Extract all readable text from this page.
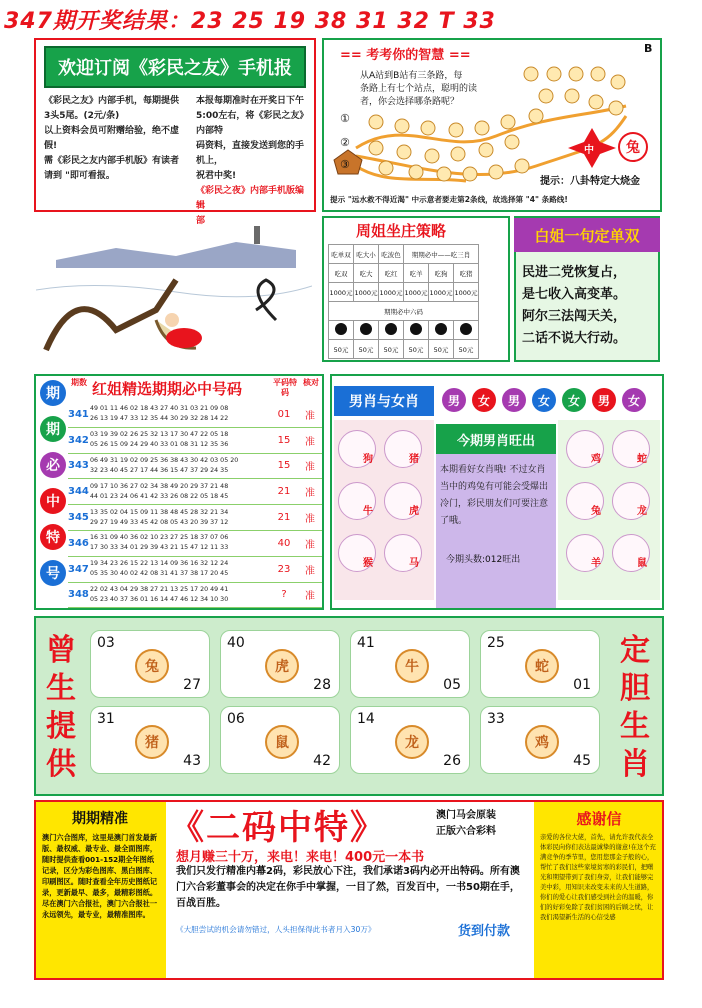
347期开奖结果：23 25 19 38 31 32 T 33
欢迎订阅《彩民之友》手机报
《彩民之友》内部手机，每期提供
3头5尾。(2元/条)
以上资料会员可附赠给验，绝不虚
假!
需《彩民之友内部手机版》有读者
请到 "即可看报。
本报每期准时在开奖日下午
5:00左右，将《彩民之友》内部特
码资料，直接发送到您的手机上，
祝君中奖!
《彩民之夜》内部手机版编辑
部
== 考考你的智慧 ==	B
从A站到B站有三条路，每
条路上有七个站点，聪明的读
者，你会选择哪条路呢？
①
②
③
中	兔
提示：八卦特定大烧金
提示 "远水救不得近渴" 中示意者要走第2条线，故选择第 "4" 条路线!
周姐坐庄策略
吃单双	吃大小	吃波色	期期必中——吃三肖		
吃双	吃大	吃红	吃羊	吃狗	吃猪
1000元	1000元	1000元	1000元	1000元	1000元
期期必中六码					

50元	50元	50元	50元	50元	50元
白姐一句定单双
民进二党恢复占，
是七收入高变革。
阿尔三法闯天关，
二话不说大行动。
期
期
必
中
特
号
期数 红姐精选期期必中号码	平码特码
核对
341 49 01 11 46 02 18 43 27 40 31 03 21 09 08
26 13 19 47 33 12 35 44 30 29 32 28 14 22	01	准
342 03 19 39 02 26 25 32 13 17 30 47 22 05 18
05 26 15 09 24 29 40 33 01 08 31 12 35 36	15	准
343 06 49 31 19 02 09 25 36 38 43 30 42 03 05 20
32 23 40 45 27 17 44 36 15 47 37 29 24 35	15	准
344 09 17 10 36 27 02 34 38 49 20 29 37 21 48
44 01 23 24 06 41 42 33 26 08 22 05 18 45	21	准
345 13 35 02 04 15 09 11 38 48 45 28 32 21 34
29 27 19 49 33 45 42 08 05 43 20 39 37 12	21	准
346 16 31 09 40 36 02 10 23 27 25 18 37 07 06
17 30 33 34 01 29 39 43 21 15 47 12 11 33	40	准
347 19 34 23 26 15 22 13 14 09 36 16 32 12 24
05 35 30 40 02 42 08 31 41 37 38 17 20 45	23	准
348 22 02 43 04 29 38 27 21 13 25 17 20 49 41
05 23 40 37 36 01 16 14 47 46 12 34 10 30	?	准
男肖与女肖	男	女	男	女	女	男	女
今期男肖旺出
本期看好女肖哦! 不过女肖当中的鸡兔有可能会受爆出冷门，彩民朋友们可要注意了哦。
今期头数:012旺出
狗	猪
牛	虎
猴	马
鸡	蛇
兔	龙
羊	鼠
曾
生
提
供
定
胆
生
肖
03
27
兔
40
28
虎
41
05
牛
25
01
蛇
31
43
猪
06
42
鼠
14
26
龙
33
45
鸡
期期精准
澳门六合图库，这里是澳门首发最新版、最权威、最专业、最全面图库，随时提供查看001-152期全年图纸记录，区分为彩色图库、黑白图库、印刷图区。随时查看全年历史图纸记录，更新最早、最多，最精彩图纸。尽在澳门六合报社，澳门六合报社一永远领先，最专业，最精准图库。
《二码中特》	澳门马会原装
正版六合彩料
想月赚三十万，来电！来电！400元一本书
我们只发行精准内幕2码，彩民放心下注，我们承诺3码内必开出特码。所有澳门六合彩董事会的决定在你手中掌握，一目了然，百发百中，一书50期在手，百战百胜。
《大胆尝试的机会请勿错过，人头担保得此书者月入30万》	货到付款
感谢信
亲爱的各位大佬，首先，请允许我代表全体彩民向你们表达最诚挚的谢意!在这个充满竞争的季节里，您用您那金子般的心，帮忙了我们这些家境贫寒的彩民们，把曙光和期望带到了我们身旁，让我们能够完美中彩，用知识来改变未来的人生道路，你们的爱心让我们感受到社会的温暖，你们的好彩免除了我们贫困的后顾之忧，让我们渴望新生活的心信受感
